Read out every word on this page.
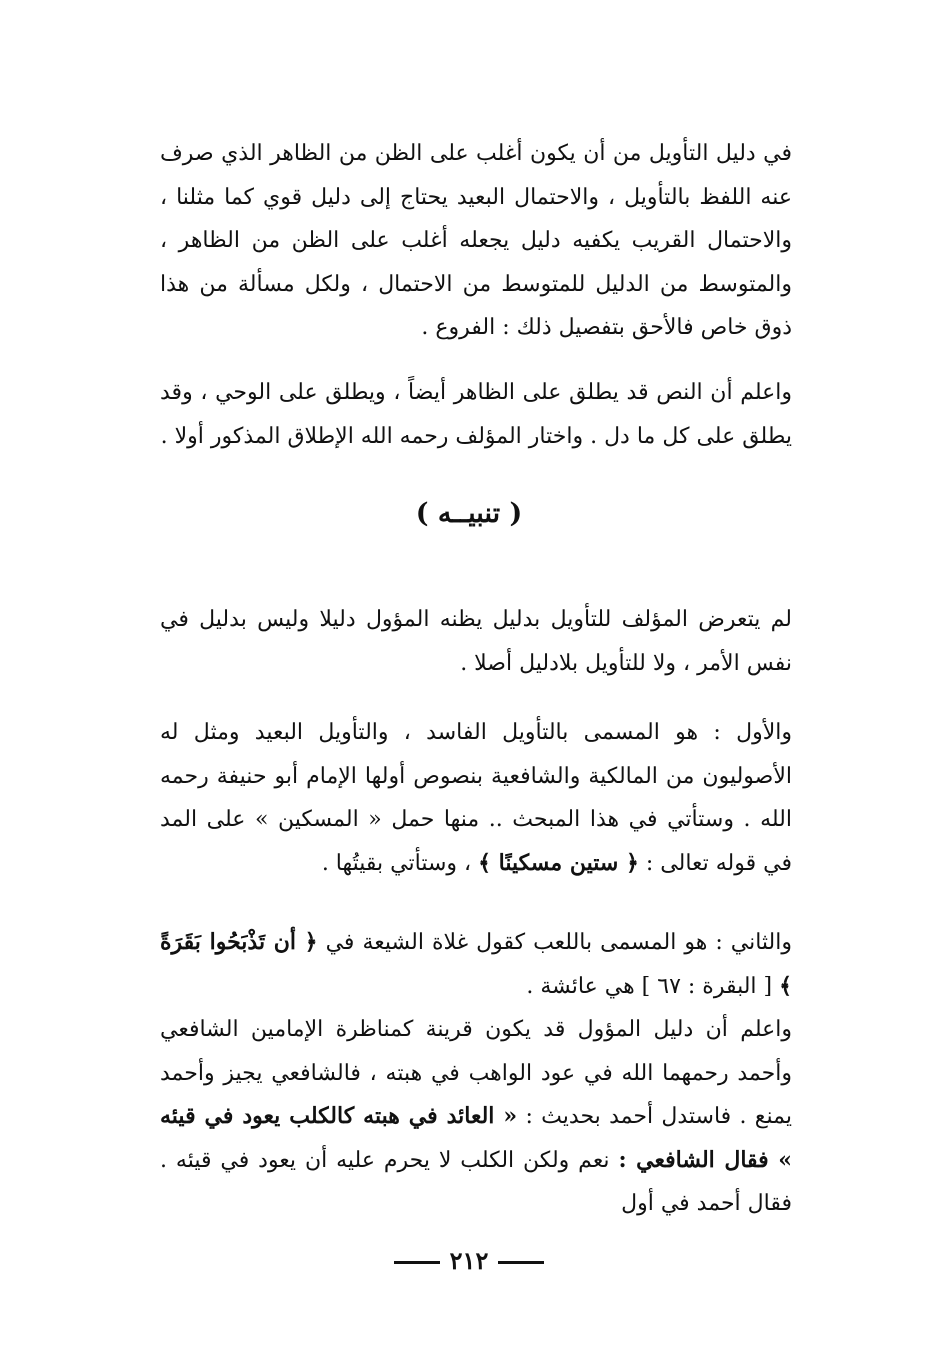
في دليل التأويل من أن يكون أغلب على الظن من الظاهر الذي صرف عنه اللفظ بالتأويل ، والاحتمال البعيد يحتاج إلى دليل قوي كما مثلنا ، والاحتمال القريب يكفيه دليل يجعله أغلب على الظن من الظاهر ، والمتوسط من الدليل للمتوسط من الاحتمال ، ولكل مسألة من هذا ذوق خاص فالأحق بتفصيل ذلك : الفروع .

واعلم أن النص قد يطلق على الظاهر أيضاً ، ويطلق على الوحي ، وقد يطلق على كل ما دل . واختار المؤلف رحمه الله الإطلاق المذكور أولا .

( تنبيــه )

لم يتعرض المؤلف للتأويل بدليل يظنه المؤول دليلا وليس بدليل في نفس الأمر ، ولا للتأويل بلادليل أصلا .

والأول : هو المسمى بالتأويل الفاسد ، والتأويل البعيد ومثل له الأصوليون من المالكية والشافعية بنصوص أولها الإمام أبو حنيفة رحمه الله . وستأتي في هذا المبحث .. منها حمل « المسكين » على المد في قوله تعالى : ﴿ ستين مسكينًا ﴾ ، وستأتي بقيتُها .

والثاني : هو المسمى باللعب كقول غلاة الشيعة في ﴿ أن تَذْبَحُوا بَقَرَةً ﴾ [ البقرة : ٦٧ ] هي عائشة .
واعلم أن دليل المؤول قد يكون قرينة كمناظرة الإمامين الشافعي وأحمد رحمهما الله في عود الواهب في هبته ، فالشافعي يجيز وأحمد يمنع . فاستدل أحمد بحديث : « العائد في هبته كالكلب يعود في قيئه » فقال الشافعي : نعم ولكن الكلب لا يحرم عليه أن يعود في قيئه . فقال أحمد في أول

٢١٢
